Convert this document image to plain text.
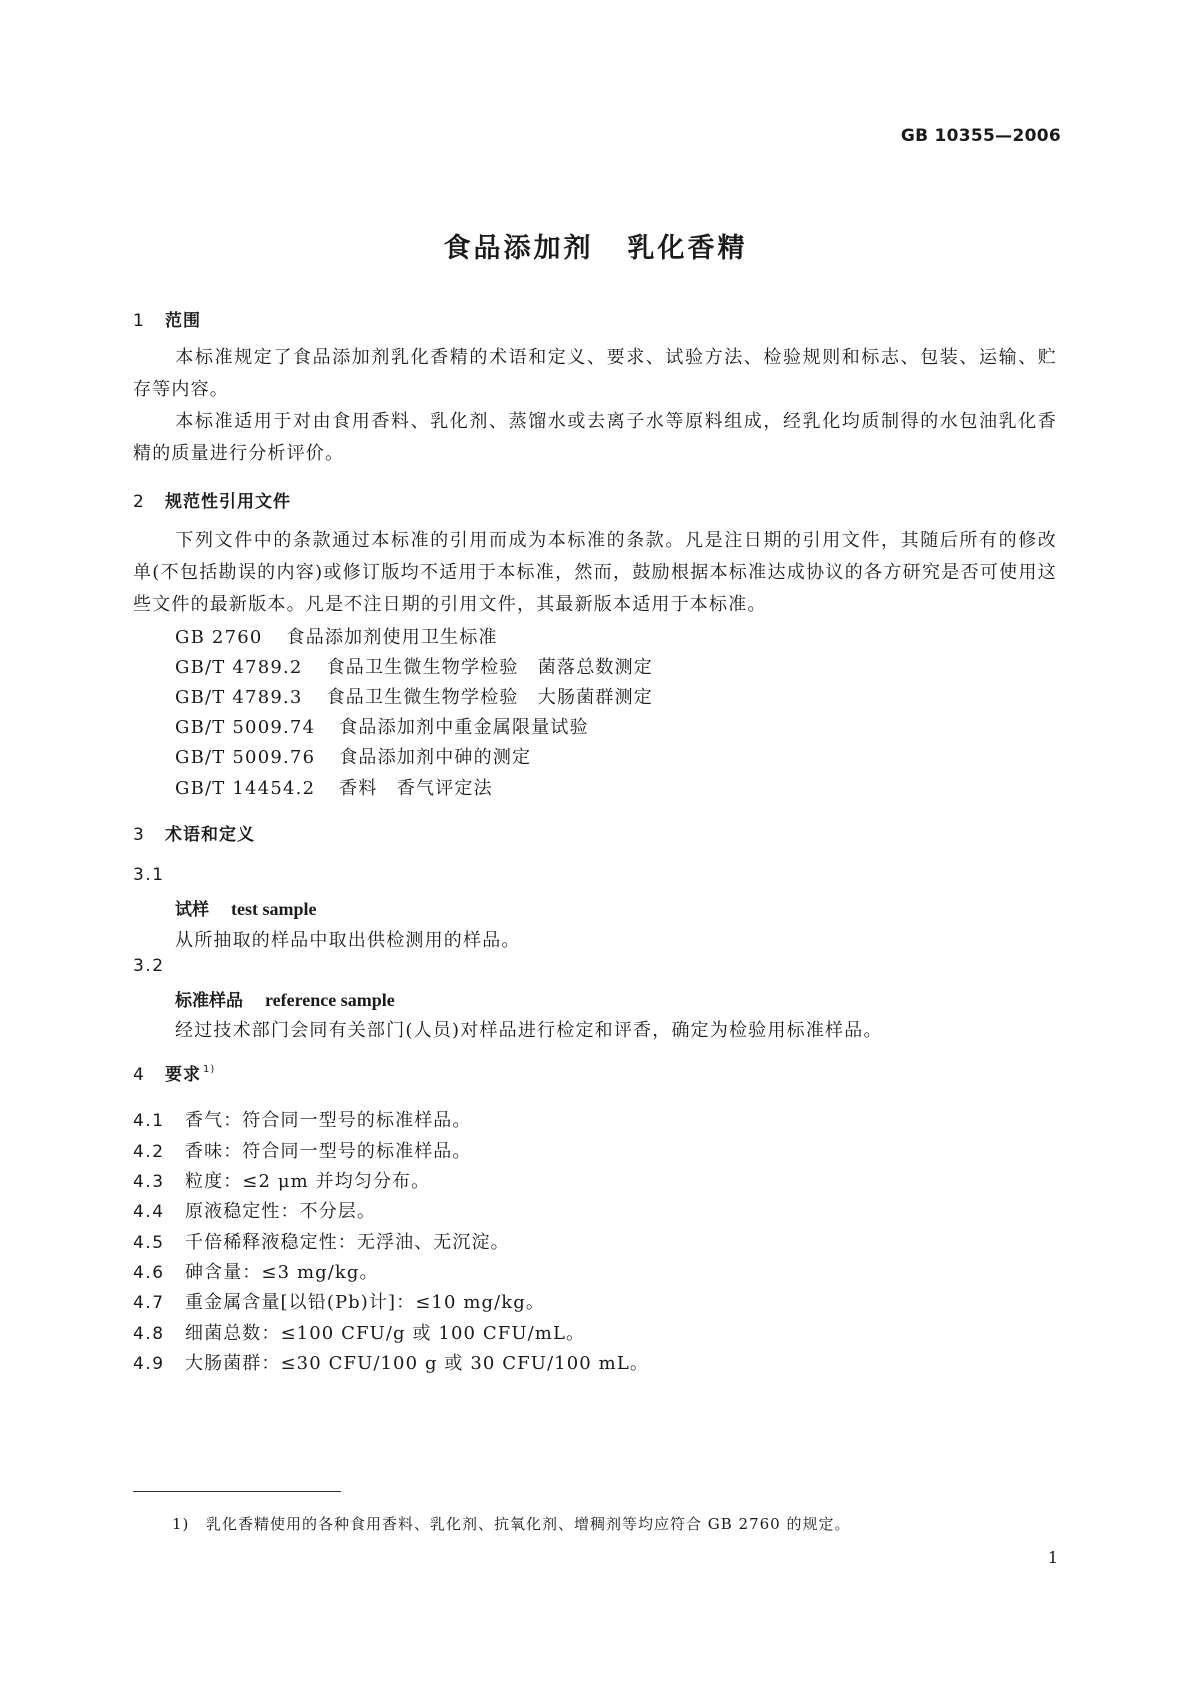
GB 10355—2006
食品添加剂 乳化香精
1 范围
本标准规定了食品添加剂乳化香精的术语和定义、要求、试验方法、检验规则和标志、包装、运输、贮存等内容。
本标准适用于对由食用香料、乳化剂、蒸馏水或去离子水等原料组成，经乳化均质制得的水包油乳化香精的质量进行分析评价。
2 规范性引用文件
下列文件中的条款通过本标准的引用而成为本标准的条款。凡是注日期的引用文件，其随后所有的修改单(不包括勘误的内容)或修订版均不适用于本标准，然而，鼓励根据本标准达成协议的各方研究是否可使用这些文件的最新版本。凡是不注日期的引用文件，其最新版本适用于本标准。
GB 2760 食品添加剂使用卫生标准
GB/T 4789.2 食品卫生微生物学检验　菌落总数测定
GB/T 4789.3 食品卫生微生物学检验　大肠菌群测定
GB/T 5009.74 食品添加剂中重金属限量试验
GB/T 5009.76 食品添加剂中砷的测定
GB/T 14454.2 香料　香气评定法
3 术语和定义
3.1
试样 test sample
从所抽取的样品中取出供检测用的样品。
3.2
标准样品 reference sample
经过技术部门会同有关部门(人员)对样品进行检定和评香，确定为检验用标准样品。
4 要求 $^{1)}$
4.1 香气：符合同一型号的标准样品。
4.2 香味：符合同一型号的标准样品。
4.3 粒度：≤2 μm 并均匀分布。
4.4 原液稳定性：不分层。
4.5 千倍稀释液稳定性：无浮油、无沉淀。
4.6 砷含量：≤3 mg/kg。
4.7 重金属含量[以铅(Pb)计]：≤10 mg/kg。
4.8 细菌总数：≤100 CFU/g 或 100 CFU/mL。
4.9 大肠菌群：≤30 CFU/100 g 或 30 CFU/100 mL。
1) 乳化香精使用的各种食用香料、乳化剂、抗氧化剂、增稠剂等均应符合 GB 2760 的规定。
1
